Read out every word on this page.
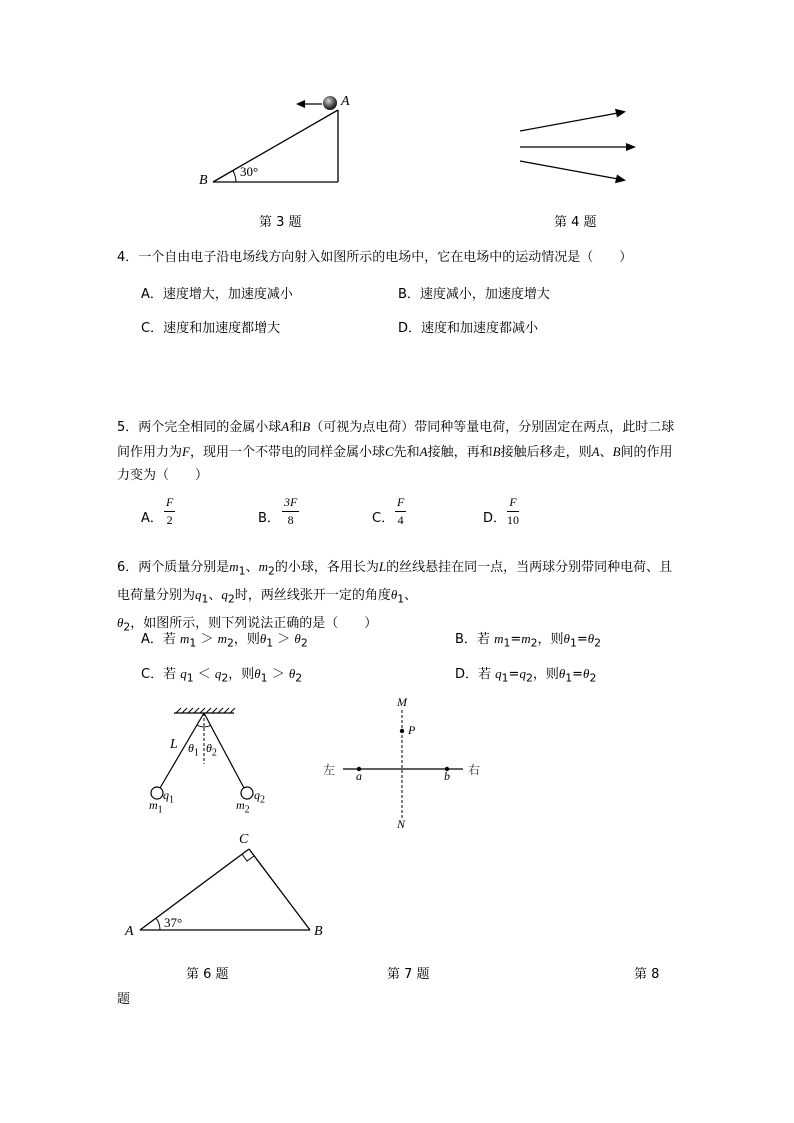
A
B
30°
第 3 题	第 4 题
4．一个自由电子沿电场线方向射入如图所示的电场中，它在电场中的运动情况是（　　）
A．速度增大，加速度减小	B．速度减小，加速度增大
C．速度和加速度都增大	D．速度和加速度都减小
5．两个完全相同的金属小球A和B（可视为点电荷）带同种等量电荷，分别固定在两点，此时二球间作用力为F，现用一个不带电的同样金属小球C先和A接触，再和B接触后移走，则A、B间的作用力变为（　　）
A． $\frac{F}{2}$	B． $\frac{3F}{8}$	C． $\frac{F}{4}$	D． $\frac{F}{10}$
6．两个质量分别是$m_1$、$m_2$的小球，各用长为L的丝线悬挂在同一点，当两球分别带同种电荷、且电荷量分别为$q_1$、$q_2$时，两丝线张开一定的角度$\theta_1$、$\theta_2$，如图所示，则下列说法正确的是（　　）
A．若 $m_1 > m_2$，则$\theta_1 > \theta_2$	B．若 $m_1=m_2$，则$\theta_1=\theta_2$
C．若 $q_1 < q_2$，则$\theta_1 > \theta_2$	D．若 $q_1=q_2$，则$\theta_1=\theta_2$
L $\theta_1$ $\theta_2$
$q_1$
$m_1$
$q_2$
$m_2$
M
P
N
a	b
左	右
A	B
C
37°
第 6 题	第 7 题	第 8
题
